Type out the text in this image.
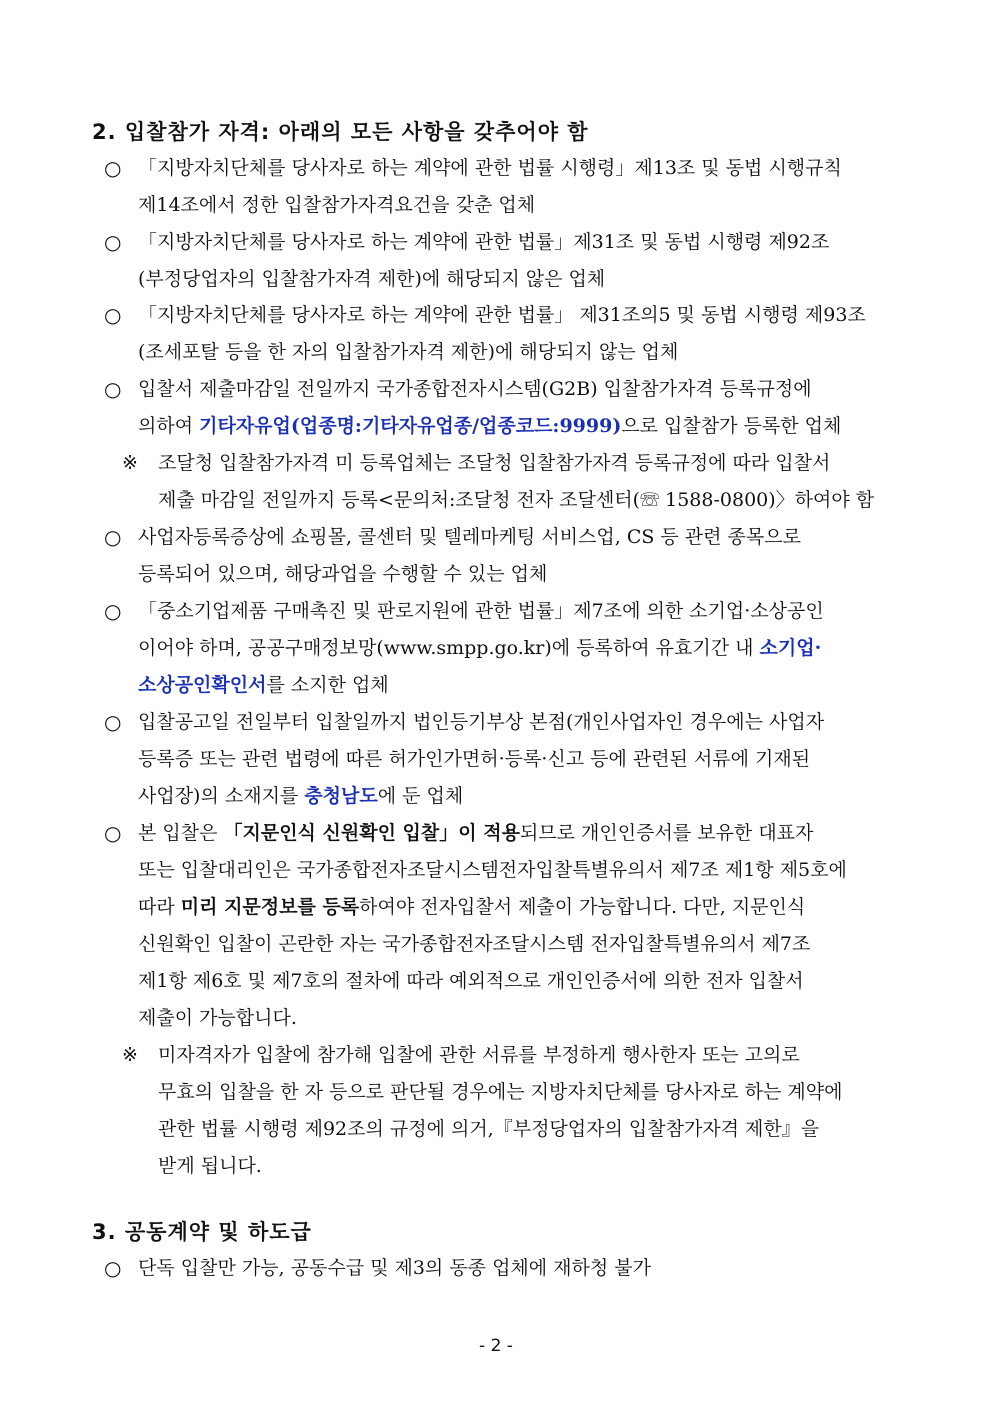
2. 입찰참가 자격: 아래의 모든 사항을 갖추어야 함
○ 「지방자치단체를 당사자로 하는 계약에 관한 법률 시행령」제13조 및 동법 시행규칙
제14조에서 정한 입찰참가자격요건을 갖춘 업체
○ 「지방자치단체를 당사자로 하는 계약에 관한 법률」제31조 및 동법 시행령 제92조
(부정당업자의 입찰참가자격 제한)에 해당되지 않은 업체
○ 「지방자치단체를 당사자로 하는 계약에 관한 법률」 제31조의5 및 동법 시행령 제93조
(조세포탈 등을 한 자의 입찰참가자격 제한)에 해당되지 않는 업체
○ 입찰서 제출마감일 전일까지 국가종합전자시스템(G2B) 입찰참가자격 등록규정에
의하여 기타자유업(업종명:기타자유업종/업종코드:9999)으로 입찰참가 등록한 업체
※ 조달청 입찰참가자격 미 등록업체는 조달청 입찰참가자격 등록규정에 따라 입찰서
제출 마감일 전일까지 등록<문의처:조달청 전자 조달센터(☏ 1588-0800)〉하여야 함
○ 사업자등록증상에 쇼핑몰, 콜센터 및 텔레마케팅 서비스업, CS 등 관련 종목으로
등록되어 있으며, 해당과업을 수행할 수 있는 업체
○ 「중소기업제품 구매촉진 및 판로지원에 관한 법률」제7조에 의한 소기업·소상공인
이어야 하며, 공공구매정보망(www.smpp.go.kr)에 등록하여 유효기간 내 소기업·
소상공인확인서를 소지한 업체
○ 입찰공고일 전일부터 입찰일까지 법인등기부상 본점(개인사업자인 경우에는 사업자
등록증 또는 관련 법령에 따른 허가인가면허·등록·신고 등에 관련된 서류에 기재된
사업장)의 소재지를 충청남도에 둔 업체
○ 본 입찰은 「지문인식 신원확인 입찰」이 적용되므로 개인인증서를 보유한 대표자
또는 입찰대리인은 국가종합전자조달시스템전자입찰특별유의서 제7조 제1항 제5호에
따라 미리 지문정보를 등록하여야 전자입찰서 제출이 가능합니다. 다만, 지문인식
신원확인 입찰이 곤란한 자는 국가종합전자조달시스템 전자입찰특별유의서 제7조
제1항 제6호 및 제7호의 절차에 따라 예외적으로 개인인증서에 의한 전자 입찰서
제출이 가능합니다.
※ 미자격자가 입찰에 참가해 입찰에 관한 서류를 부정하게 행사한자 또는 고의로
무효의 입찰을 한 자 등으로 판단될 경우에는 지방자치단체를 당사자로 하는 계약에
관한 법률 시행령 제92조의 규정에 의거,『부정당업자의 입찰참가자격 제한』을
받게 됩니다.
3. 공동계약 및 하도급
○ 단독 입찰만 가능, 공동수급 및 제3의 동종 업체에 재하청 불가
- 2 -
